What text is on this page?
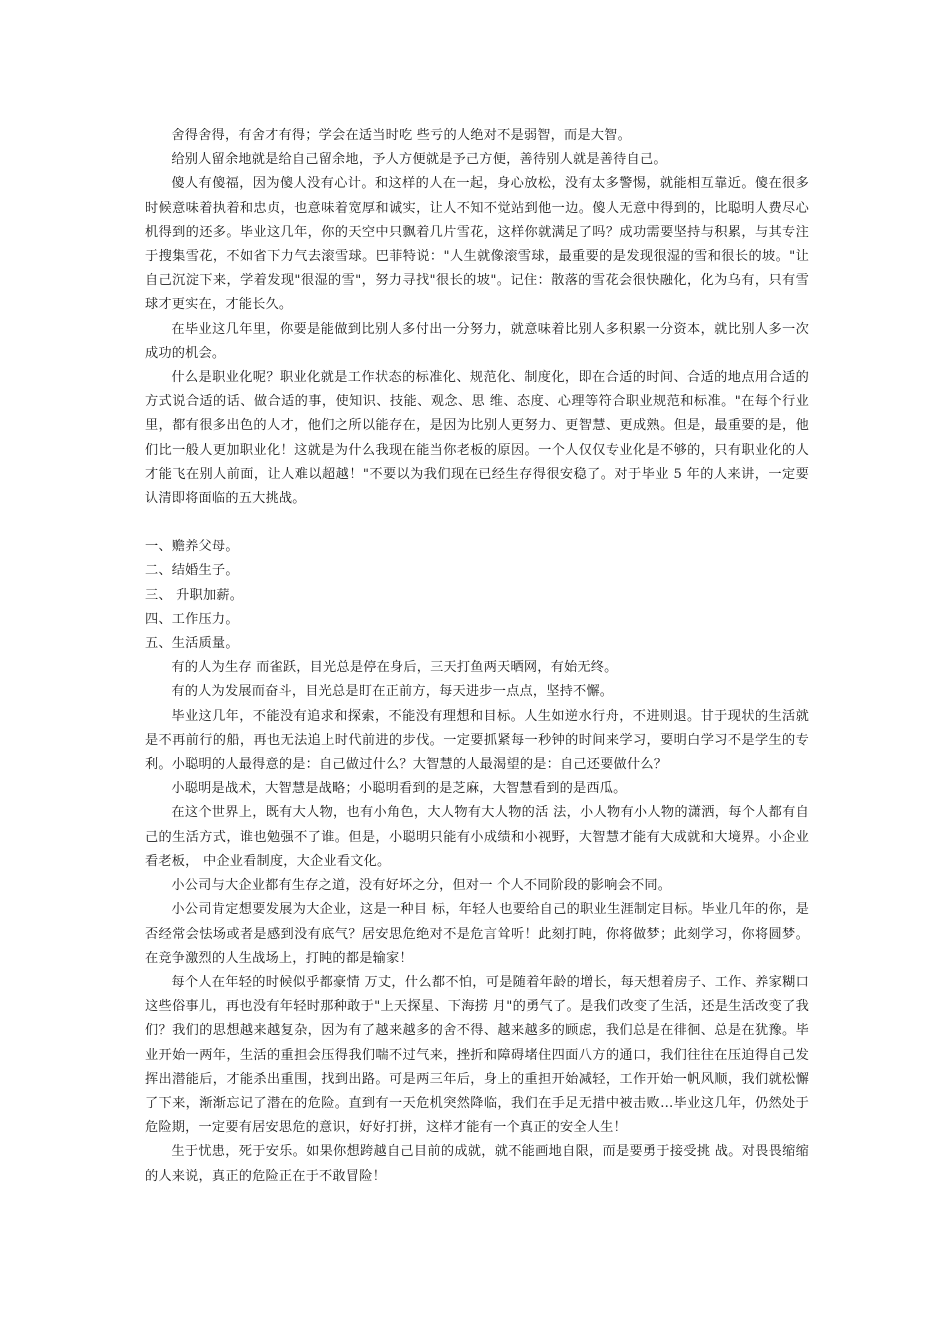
舍得舍得，有舍才有得；学会在适当时吃 些亏的人绝对不是弱智，而是大智。

给别人留余地就是给自己留余地，予人方便就是予己方便，善待别人就是善待自己。

傻人有傻福，因为傻人没有心计。和这样的人在一起，身心放松，没有太多警惕，就能相互靠近。傻在很多时候意味着执着和忠贞，也意味着宽厚和诚实，让人不知不觉站到他一边。傻人无意中得到的，比聪明人费尽心机得到的还多。毕业这几年，你的天空中只飘着几片雪花，这样你就满足了吗？成功需要坚持与积累，与其专注于搜集雪花，不如省下力气去滚雪球。巴菲特说："人生就像滚雪球，最重要的是发现很湿的雪和很长的坡。"让自己沉淀下来，学着发现"很湿的雪"，努力寻找"很长的坡"。记住：散落的雪花会很快融化，化为乌有，只有雪球才更实在，才能长久。

在毕业这几年里，你要是能做到比别人多付出一分努力，就意味着比别人多积累一分资本，就比别人多一次成功的机会。

什么是职业化呢？职业化就是工作状态的标准化、规范化、制度化，即在合适的时间、合适的地点用合适的方式说合适的话、做合适的事，使知识、技能、观念、思 维、态度、心理等符合职业规范和标准。"在每个行业里，都有很多出色的人才，他们之所以能存在，是因为比别人更努力、更智慧、更成熟。但是，最重要的是，他们比一般人更加职业化！这就是为什么我现在能当你老板的原因。一个人仅仅专业化是不够的，只有职业化的人才能飞在别人前面，让人难以超越！"不要以为我们现在已经生存得很安稳了。对于毕业 5 年的人来讲，一定要认清即将面临的五大挑战。

一、赡养父母。

二、结婚生子。

三、 升职加薪。

四、工作压力。

五、生活质量。

有的人为生存 而雀跃，目光总是停在身后，三天打鱼两天晒网，有始无终。

有的人为发展而奋斗，目光总是盯在正前方，每天进步一点点，坚持不懈。

毕业这几年，不能没有追求和探索，不能没有理想和目标。人生如逆水行舟，不进则退。甘于现状的生活就是不再前行的船，再也无法追上时代前进的步伐。一定要抓紧每一秒钟的时间来学习，要明白学习不是学生的专利。小聪明的人最得意的是：自己做过什么？大智慧的人最渴望的是：自己还要做什么？

小聪明是战术，大智慧是战略；小聪明看到的是芝麻，大智慧看到的是西瓜。

在这个世界上，既有大人物，也有小角色，大人物有大人物的活 法，小人物有小人物的潇洒，每个人都有自己的生活方式，谁也勉强不了谁。但是，小聪明只能有小成绩和小视野，大智慧才能有大成就和大境界。小企业看老板， 中企业看制度，大企业看文化。

小公司与大企业都有生存之道，没有好坏之分，但对一 个人不同阶段的影响会不同。

小公司肯定想要发展为大企业，这是一种目 标，年轻人也要给自己的职业生涯制定目标。毕业几年的你，是否经常会怯场或者是感到没有底气？居安思危绝对不是危言耸听！此刻打盹，你将做梦；此刻学习，你将圆梦。在竞争激烈的人生战场上，打盹的都是输家！

每个人在年轻的时候似乎都豪情 万丈，什么都不怕，可是随着年龄的增长，每天想着房子、工作、养家糊口这些俗事儿，再也没有年轻时那种敢于"上天探星、下海捞 月"的勇气了。是我们改变了生活，还是生活改变了我们？我们的思想越来越复杂，因为有了越来越多的舍不得、越来越多的顾虑，我们总是在徘徊、总是在犹豫。毕业开始一两年，生活的重担会压得我们喘不过气来，挫折和障碍堵住四面八方的通口，我们往往在压迫得自己发挥出潜能后，才能杀出重围，找到出路。可是两三年后，身上的重担开始减轻，工作开始一帆风顺，我们就松懈了下来，渐渐忘记了潜在的危险。直到有一天危机突然降临，我们在手足无措中被击败…毕业这几年，仍然处于危险期，一定要有居安思危的意识，好好打拼，这样才能有一个真正的安全人生！

生于忧患，死于安乐。如果你想跨越自己目前的成就，就不能画地自限，而是要勇于接受挑 战。对畏畏缩缩的人来说，真正的危险正在于不敢冒险！
